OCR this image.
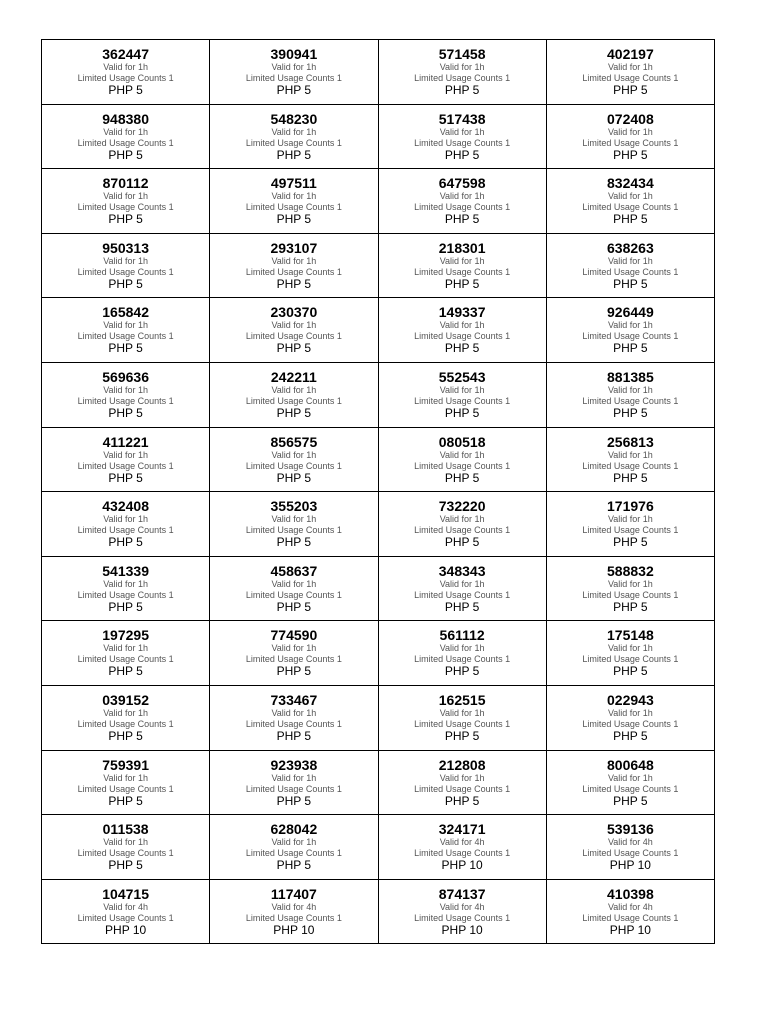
362447
Valid for 1h
Limited Usage Counts 1
PHP 5
390941
Valid for 1h
Limited Usage Counts 1
PHP 5
571458
Valid for 1h
Limited Usage Counts 1
PHP 5
402197
Valid for 1h
Limited Usage Counts 1
PHP 5
948380
Valid for 1h
Limited Usage Counts 1
PHP 5
548230
Valid for 1h
Limited Usage Counts 1
PHP 5
517438
Valid for 1h
Limited Usage Counts 1
PHP 5
072408
Valid for 1h
Limited Usage Counts 1
PHP 5
870112
Valid for 1h
Limited Usage Counts 1
PHP 5
497511
Valid for 1h
Limited Usage Counts 1
PHP 5
647598
Valid for 1h
Limited Usage Counts 1
PHP 5
832434
Valid for 1h
Limited Usage Counts 1
PHP 5
950313
Valid for 1h
Limited Usage Counts 1
PHP 5
293107
Valid for 1h
Limited Usage Counts 1
PHP 5
218301
Valid for 1h
Limited Usage Counts 1
PHP 5
638263
Valid for 1h
Limited Usage Counts 1
PHP 5
165842
Valid for 1h
Limited Usage Counts 1
PHP 5
230370
Valid for 1h
Limited Usage Counts 1
PHP 5
149337
Valid for 1h
Limited Usage Counts 1
PHP 5
926449
Valid for 1h
Limited Usage Counts 1
PHP 5
569636
Valid for 1h
Limited Usage Counts 1
PHP 5
242211
Valid for 1h
Limited Usage Counts 1
PHP 5
552543
Valid for 1h
Limited Usage Counts 1
PHP 5
881385
Valid for 1h
Limited Usage Counts 1
PHP 5
411221
Valid for 1h
Limited Usage Counts 1
PHP 5
856575
Valid for 1h
Limited Usage Counts 1
PHP 5
080518
Valid for 1h
Limited Usage Counts 1
PHP 5
256813
Valid for 1h
Limited Usage Counts 1
PHP 5
432408
Valid for 1h
Limited Usage Counts 1
PHP 5
355203
Valid for 1h
Limited Usage Counts 1
PHP 5
732220
Valid for 1h
Limited Usage Counts 1
PHP 5
171976
Valid for 1h
Limited Usage Counts 1
PHP 5
541339
Valid for 1h
Limited Usage Counts 1
PHP 5
458637
Valid for 1h
Limited Usage Counts 1
PHP 5
348343
Valid for 1h
Limited Usage Counts 1
PHP 5
588832
Valid for 1h
Limited Usage Counts 1
PHP 5
197295
Valid for 1h
Limited Usage Counts 1
PHP 5
774590
Valid for 1h
Limited Usage Counts 1
PHP 5
561112
Valid for 1h
Limited Usage Counts 1
PHP 5
175148
Valid for 1h
Limited Usage Counts 1
PHP 5
039152
Valid for 1h
Limited Usage Counts 1
PHP 5
733467
Valid for 1h
Limited Usage Counts 1
PHP 5
162515
Valid for 1h
Limited Usage Counts 1
PHP 5
022943
Valid for 1h
Limited Usage Counts 1
PHP 5
759391
Valid for 1h
Limited Usage Counts 1
PHP 5
923938
Valid for 1h
Limited Usage Counts 1
PHP 5
212808
Valid for 1h
Limited Usage Counts 1
PHP 5
800648
Valid for 1h
Limited Usage Counts 1
PHP 5
011538
Valid for 1h
Limited Usage Counts 1
PHP 5
628042
Valid for 1h
Limited Usage Counts 1
PHP 5
324171
Valid for 4h
Limited Usage Counts 1
PHP 10
539136
Valid for 4h
Limited Usage Counts 1
PHP 10
104715
Valid for 4h
Limited Usage Counts 1
PHP 10
117407
Valid for 4h
Limited Usage Counts 1
PHP 10
874137
Valid for 4h
Limited Usage Counts 1
PHP 10
410398
Valid for 4h
Limited Usage Counts 1
PHP 10
